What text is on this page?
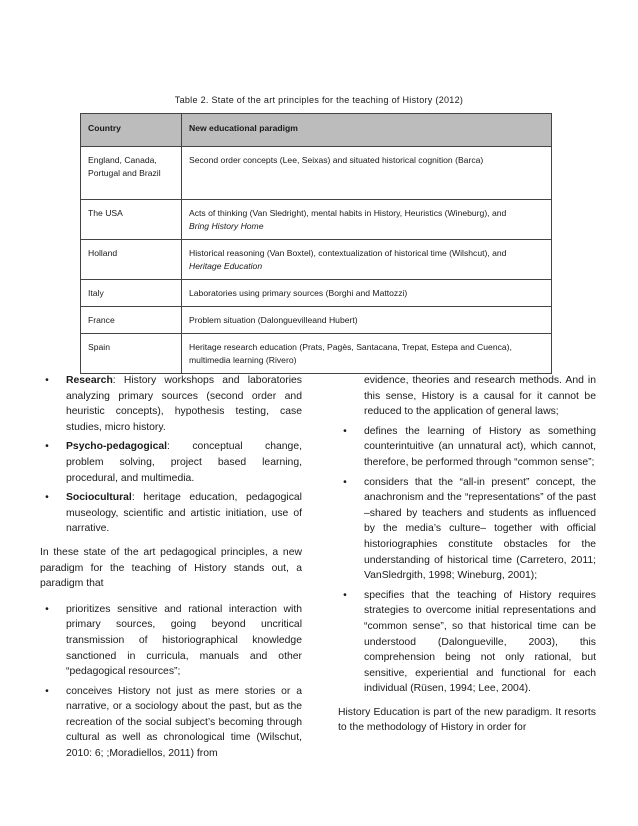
Table 2. State of the art principles for the teaching of History (2012)
Country	New educational paradigm
England, Canada, Portugal and Brazil	Second order concepts (Lee, Seixas) and situated historical cognition (Barca)
The USA	Acts of thinking (Van Sledright), mental habits in History, Heuristics (Wineburg), and
Bring History Home

Holland	Historical reasoning (Van Boxtel), contextualization of historical time (Wilshcut), and
Heritage Education

Italy	Laboratories using primary sources (Borghi and Mattozzi)
France	Problem situation (Dalonguevilleand Hubert)
Spain	Heritage research education (Prats, Pagès, Santacana, Trepat, Estepa and Cuenca), multimedia learning (Rivero)
•	Research: History workshops and laboratories analyzing primary sources (second order and heuristic concepts), hypothesis testing, case studies, micro history.
•	Psycho-pedagogical: conceptual change, problem solving, project based learning, procedural, and multimedia.
•	Sociocultural: heritage education, pedagogical museology, scientific and artistic initiation, use of narrative.

In these state of the art pedagogical principles, a new paradigm for the teaching of History stands out, a paradigm that

•	prioritizes sensitive and rational interaction with primary sources, going beyond uncritical transmission of historiographical knowledge sanctioned in curricula, manuals and other “pedagogical resources”;
•	conceives History not just as mere stories or a narrative, or a sociology about the past, but as the recreation of the social subject’s becoming through cultural as well as chronological time (Wilschut, 2010: 6; ;Moradiellos, 2011) from

evidence, theories and research methods. And in this sense, History is a causal for it cannot be reduced to the application of general laws;

•	defines the learning of History as something counterintuitive (an unnatural act), which cannot, therefore, be performed through “common sense”;
•	considers that the “all-in present” concept, the anachronism and the “representations” of the past –shared by teachers and students as influenced by the media’s culture– together with official historiographies constitute obstacles for the understanding of historical time (Carretero, 2011; VanSledrgith, 1998; Wineburg, 2001);
•	specifies that the teaching of History requires strategies to overcome initial representations and “common sense”, so that historical time can be understood (Dalongueville, 2003), this comprehension being not only rational, but sensitive, experiential and functional for each individual (Rüsen, 1994; Lee, 2004).

History Education is part of the new paradigm. It resorts to the methodology of History in order for
